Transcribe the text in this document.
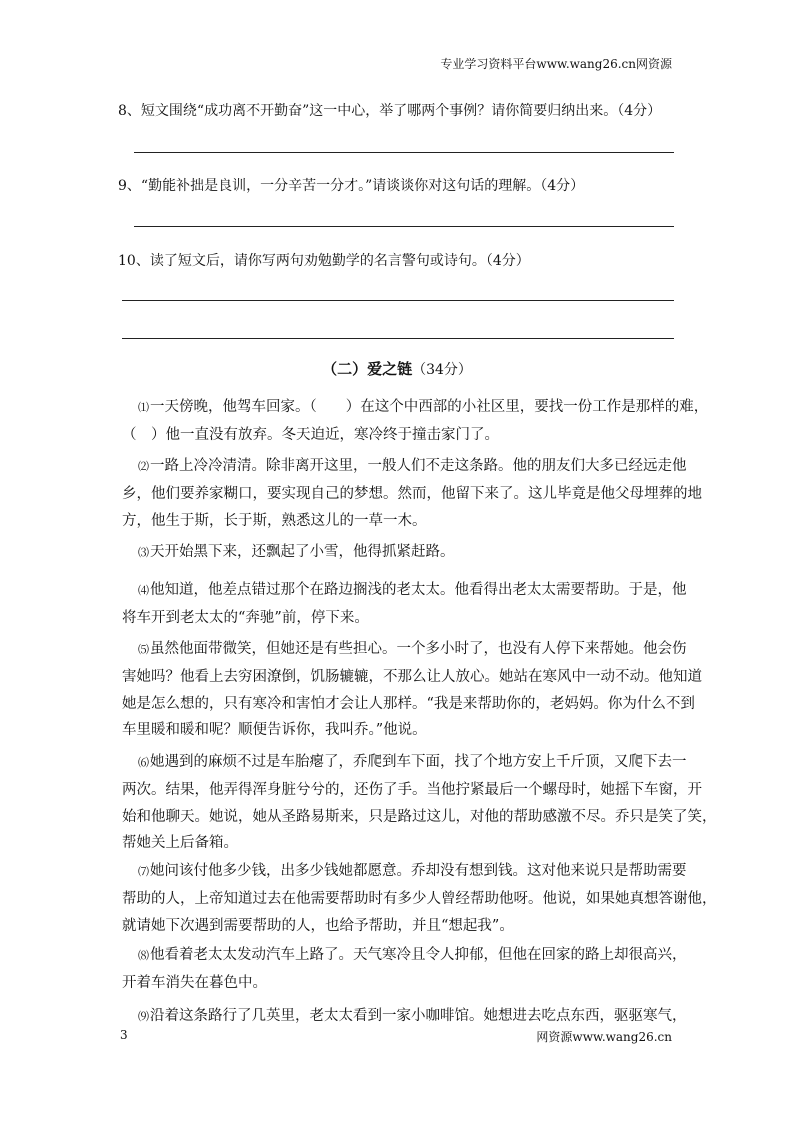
专业学习资料平台www.wang26.cn网资源
8、短文围绕“成功离不开勤奋”这一中心，举了哪两个事例？请你简要归纳出来。（4分）
9、“勤能补拙是良训，一分辛苦一分才。”请谈谈你对这句话的理解。（4分）
10、读了短文后，请你写两句劝勉勤学的名言警句或诗句。（4分）
（二）爱之链（34分）
⑴一天傍晚，他驾车回家。（　　）在这个中西部的小社区里，要找一份工作是那样的难，
（　）他一直没有放弃。冬天迫近，寒冷终于撞击家门了。
⑵一路上冷冷清清。除非离开这里，一般人们不走这条路。他的朋友们大多已经远走他
乡，他们要养家糊口，要实现自己的梦想。然而，他留下来了。这儿毕竟是他父母埋葬的地
方，他生于斯，长于斯，熟悉这儿的一草一木。
⑶天开始黑下来，还飘起了小雪，他得抓紧赶路。
⑷他知道，他差点错过那个在路边搁浅的老太太。他看得出老太太需要帮助。于是，他
将车开到老太太的“奔驰”前，停下来。
⑸虽然他面带微笑，但她还是有些担心。一个多小时了，也没有人停下来帮她。他会伤
害她吗？他看上去穷困潦倒，饥肠辘辘，不那么让人放心。她站在寒风中一动不动。他知道
她是怎么想的，只有寒冷和害怕才会让人那样。“我是来帮助你的，老妈妈。你为什么不到
车里暖和暖和呢？顺便告诉你，我叫乔。”他说。
⑹她遇到的麻烦不过是车胎瘪了，乔爬到车下面，找了个地方安上千斤顶，又爬下去一
两次。结果，他弄得浑身脏兮兮的，还伤了手。当他拧紧最后一个螺母时，她摇下车窗，开
始和他聊天。她说，她从圣路易斯来，只是路过这儿，对他的帮助感激不尽。乔只是笑了笑，
帮她关上后备箱。
⑺她问该付他多少钱，出多少钱她都愿意。乔却没有想到钱。这对他来说只是帮助需要
帮助的人，上帝知道过去在他需要帮助时有多少人曾经帮助他呀。他说，如果她真想答谢他，
就请她下次遇到需要帮助的人，也给予帮助，并且“想起我”。
⑻他看着老太太发动汽车上路了。天气寒冷且令人抑郁，但他在回家的路上却很高兴，
开着车消失在暮色中。
⑼沿着这条路行了几英里，老太太看到一家小咖啡馆。她想进去吃点东西，驱驱寒气，
3	网资源www.wang26.cn
